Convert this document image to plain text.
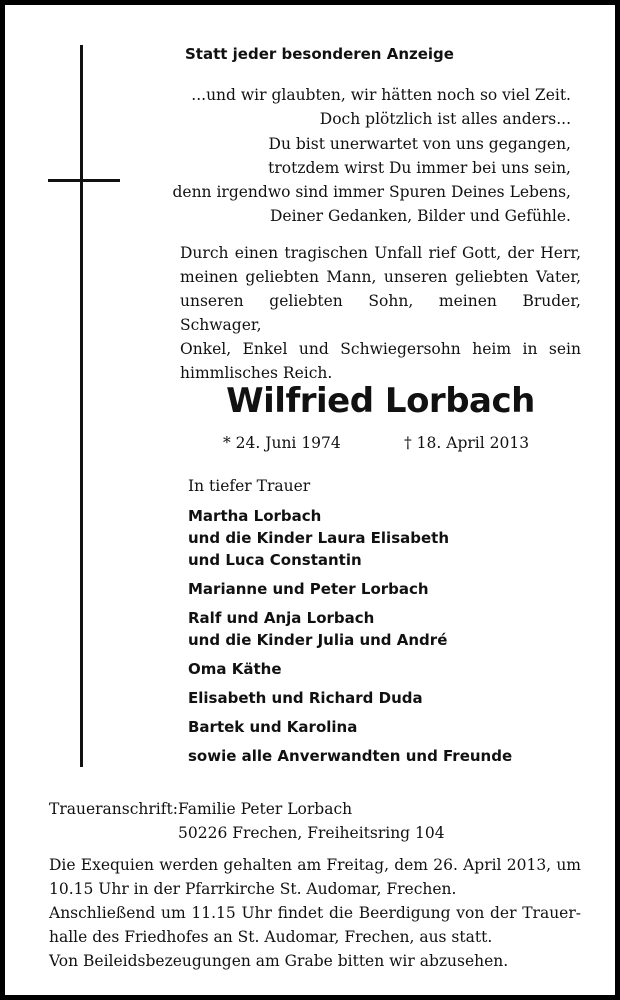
Statt jeder besonderen Anzeige
...und wir glaubten, wir hätten noch so viel Zeit.
Doch plötzlich ist alles anders...
Du bist unerwartet von uns gegangen,
trotzdem wirst Du immer bei uns sein,
denn irgendwo sind immer Spuren Deines Lebens,
Deiner Gedanken, Bilder und Gefühle.
Durch einen tragischen Unfall rief Gott, der Herr,
meinen geliebten Mann, unseren geliebten Vater,
unseren geliebten Sohn, meinen Bruder, Schwager,
Onkel, Enkel und Schwiegersohn heim in sein
himmlisches Reich.
Wilfried Lorbach
* 24. Juni 1974	† 18. April 2013
In tiefer Trauer
Martha Lorbach
und die Kinder Laura Elisabeth
und Luca Constantin
Marianne und Peter Lorbach
Ralf und Anja Lorbach
und die Kinder Julia und André
Oma Käthe
Elisabeth und Richard Duda
Bartek und Karolina
sowie alle Anverwandten und Freunde
Traueranschrift: Familie Peter Lorbach
50226 Frechen, Freiheitsring 104
Die Exequien werden gehalten am Freitag, dem 26. April 2013, um
10.15 Uhr in der Pfarrkirche St. Audomar, Frechen.
Anschließend um 11.15 Uhr findet die Beerdigung von der Trauer-
halle des Friedhofes an St. Audomar, Frechen, aus statt.
Von Beileidsbezeugungen am Grabe bitten wir abzusehen.
